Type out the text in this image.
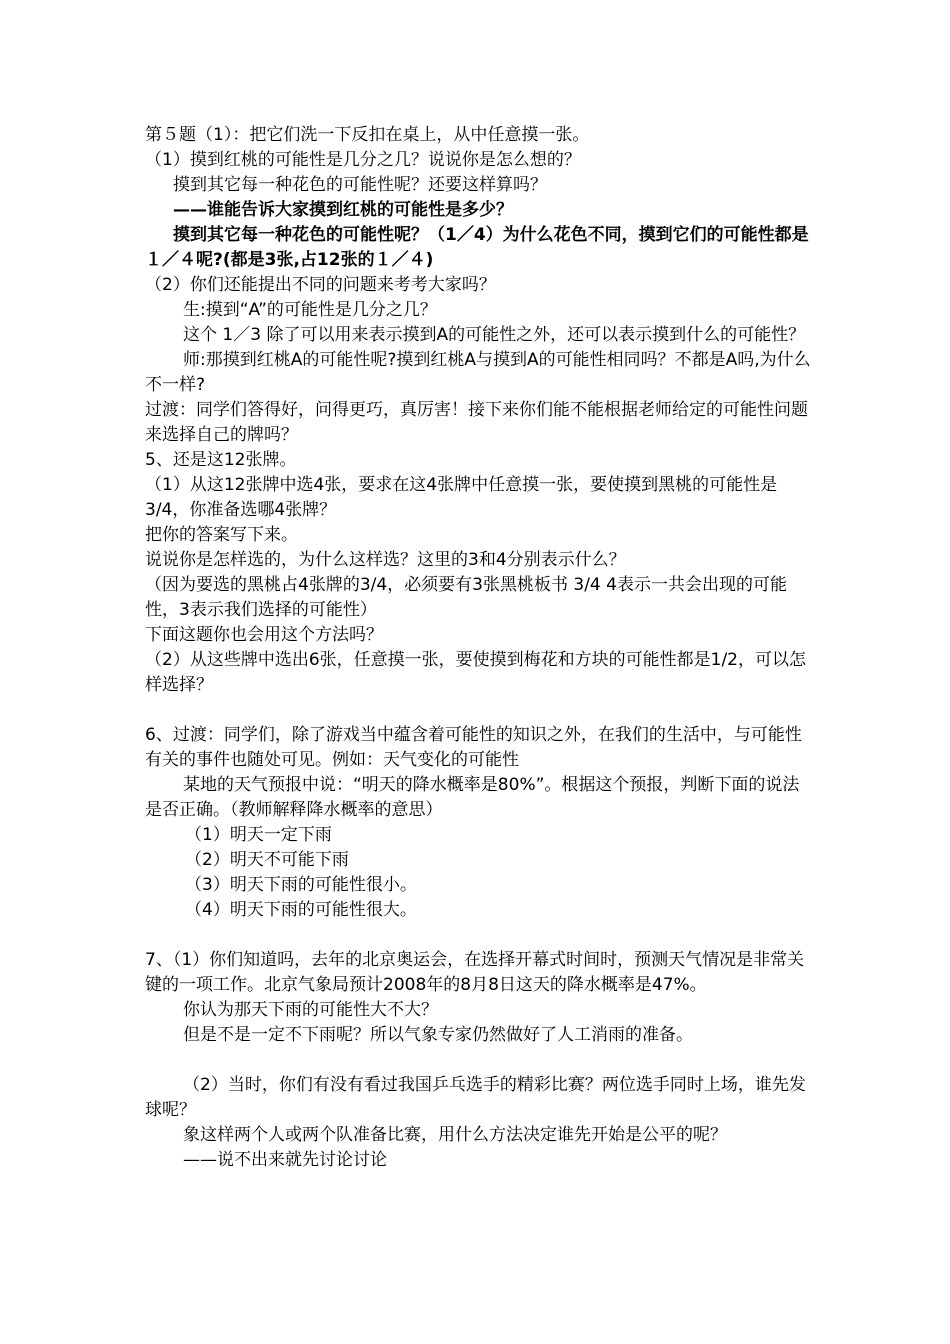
第５题（1）：把它们洗一下反扣在桌上，从中任意摸一张。

（1）摸到红桃的可能性是几分之几？说说你是怎么想的？

摸到其它每一种花色的可能性呢？还要这样算吗？

——谁能告诉大家摸到红桃的可能性是多少？

摸到其它每一种花色的可能性呢？（1／4）为什么花色不同，摸到它们的可能性都是１／４呢?(都是3张,占12张的１／４)

（2）你们还能提出不同的问题来考考大家吗？

生:摸到“A”的可能性是几分之几？

这个 1／3 除了可以用来表示摸到A的可能性之外，还可以表示摸到什么的可能性？

师:那摸到红桃A的可能性呢?摸到红桃A与摸到A的可能性相同吗？不都是A吗,为什么不一样?

过渡：同学们答得好，问得更巧，真厉害！接下来你们能不能根据老师给定的可能性问题来选择自己的牌吗？

5、还是这12张牌。

（1）从这12张牌中选4张，要求在这4张牌中任意摸一张，要使摸到黑桃的可能性是3/4，你准备选哪4张牌？

把你的答案写下来。

说说你是怎样选的，为什么这样选？这里的3和4分别表示什么？

（因为要选的黑桃占4张牌的3/4，必须要有3张黑桃板书 3/4 4表示一共会出现的可能性，3表示我们选择的可能性）

下面这题你也会用这个方法吗？

（2）从这些牌中选出6张，任意摸一张，要使摸到梅花和方块的可能性都是1/2，可以怎样选择？

6、过渡：同学们，除了游戏当中蕴含着可能性的知识之外，在我们的生活中，与可能性有关的事件也随处可见。例如：天气变化的可能性

某地的天气预报中说：“明天的降水概率是80%”。根据这个预报，判断下面的说法是否正确。（教师解释降水概率的意思）

（1）明天一定下雨

（2）明天不可能下雨

（3）明天下雨的可能性很小。

（4）明天下雨的可能性很大。

7、（1）你们知道吗，去年的北京奥运会，在选择开幕式时间时，预测天气情况是非常关键的一项工作。北京气象局预计2008年的8月8日这天的降水概率是47%。

你认为那天下雨的可能性大不大？

但是不是一定不下雨呢？所以气象专家仍然做好了人工消雨的准备。

（2）当时，你们有没有看过我国乒乓选手的精彩比赛？两位选手同时上场，谁先发球呢？

象这样两个人或两个队准备比赛，用什么方法决定谁先开始是公平的呢？

——说不出来就先讨论讨论
